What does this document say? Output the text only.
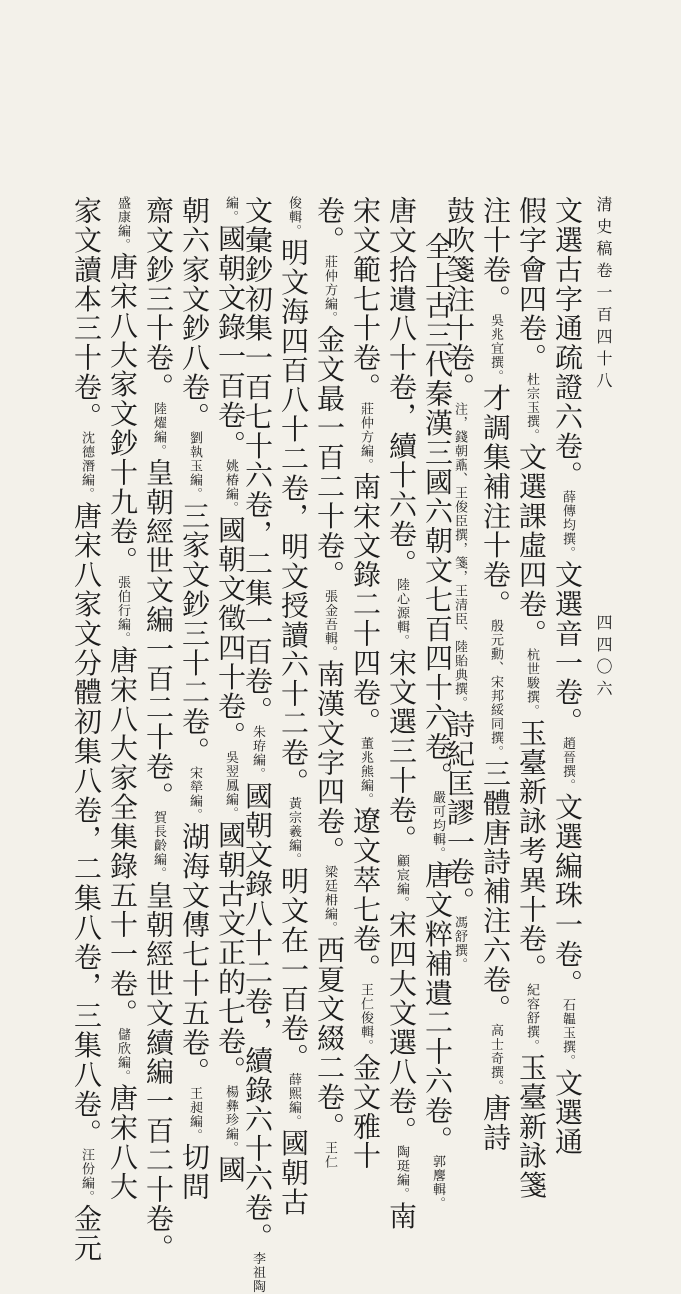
清史稿卷一百四十八
四四〇六
文選古字通疏證六卷。薛傳均撰。文選音一卷。趙晉撰。文選編珠一卷。石韞玉撰。文選通
假字會四卷。杜宗玉撰。文選課虛四卷。杭世駿撰。玉臺新詠考異十卷。紀容舒撰。玉臺新詠箋
注十卷。吳兆宜撰。才調集補注十卷。殷元勳、宋邦綏同撰。三體唐詩補注六卷。高士奇撰。唐詩
鼓吹箋注十卷。注，錢朝鼒、王俊臣撰，箋，王清臣、陸貽典撰。詩紀匡謬一卷。馮舒撰。
全上古三代秦漢三國六朝文七百四十六卷。嚴可均輯。唐文粹補遺二十六卷。郭麐輯。
唐文拾遺八十卷，續十六卷。陸心源輯。宋文選三十卷。顧宸編。宋四大文選八卷。陶珽編。南
宋文範七十卷。莊仲方編。南宋文錄二十四卷。董兆熊編。遼文萃七卷。王仁俊輯。金文雅十
卷。莊仲方編。金文最一百二十卷。張金吾輯。南漢文字四卷。梁廷枏編。西夏文綴二卷。王仁
俊輯。明文海四百八十二卷，明文授讀六十二卷。黃宗羲編。明文在一百卷。薛熙編。國朝古
文彙鈔初集一百七十六卷，二集一百卷。朱珔編。國朝文錄八十二卷，續錄六十六卷。李祖陶
編。國朝文錄一百卷。姚椿編。國朝文徵四十卷。吳翌鳳編。國朝古文正的七卷。楊彝珍編。國
朝六家文鈔八卷。劉執玉編。三家文鈔三十二卷。宋犖編。湖海文傳七十五卷。王昶編。切問
齋文鈔三十卷。陸燿編。皇朝經世文編一百二十卷。賀長齡編。皇朝經世文續編一百二十卷。
盛康編。唐宋八大家文鈔十九卷。張伯行編。唐宋八大家全集錄五十一卷。儲欣編。唐宋八大
家文讀本三十卷。沈德潛編。唐宋八家文分體初集八卷，二集八卷，三集八卷。汪份編。金元
